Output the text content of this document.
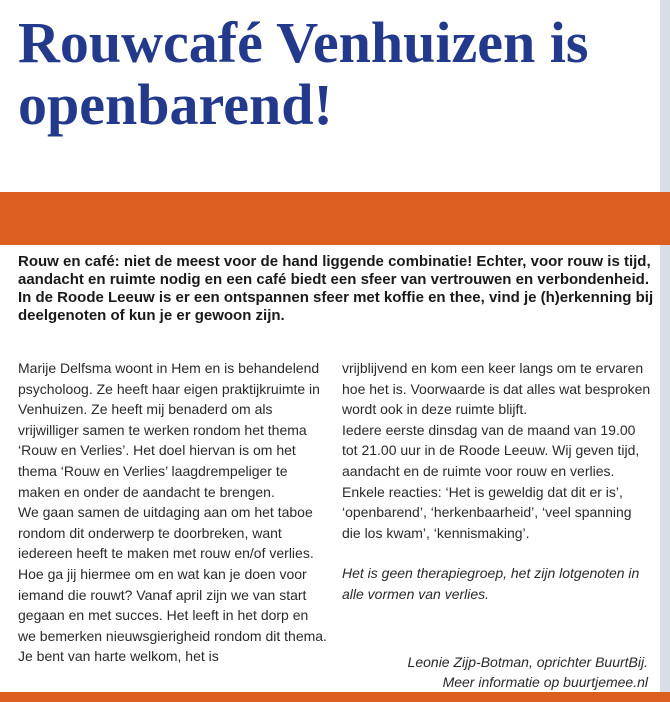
Rouwcafé Venhuizen is openbarend!

Rouw en café: niet de meest voor de hand liggende combinatie! Echter, voor rouw is tijd, aandacht en ruimte nodig en een café biedt een sfeer van vertrouwen en verbondenheid. In de Roode Leeuw is er een ontspannen sfeer met koffie en thee, vind je (h)erkenning bij deelgenoten of kun je er gewoon zijn.

Marije Delfsma woont in Hem en is behandelend psycholoog. Ze heeft haar eigen praktijkruimte in Venhuizen. Ze heeft mij benaderd om als vrijwilliger samen te werken rondom het thema ‘Rouw en Verlies’. Het doel hiervan is om het thema ‘Rouw en Verlies’ laagdrempeliger te maken en onder de aandacht te brengen.

We gaan samen de uitdaging aan om het taboe rondom dit onderwerp te doorbreken, want iedereen heeft te maken met rouw en/of verlies. Hoe ga jij hiermee om en wat kan je doen voor iemand die rouwt? Vanaf april zijn we van start gegaan en met succes. Het leeft in het dorp en we bemerken nieuwsgierigheid rondom dit thema. Je bent van harte welkom, het is

vrijblijvend en kom een keer langs om te ervaren hoe het is. Voorwaarde is dat alles wat besproken wordt ook in deze ruimte blijft.

Iedere eerste dinsdag van de maand van 19.00 tot 21.00 uur in de Roode Leeuw. Wij geven tijd, aandacht en de ruimte voor rouw en verlies.

Enkele reacties: ‘Het is geweldig dat dit er is’, ‘openbarend’, ‘herkenbaarheid’, ‘veel spanning die los kwam’, ‘kennismaking’.

Het is geen therapiegroep, het zijn lotgenoten in alle vormen van verlies.

Leonie Zijp-Botman, oprichter BuurtBij.
Meer informatie op buurtjemee.nl
